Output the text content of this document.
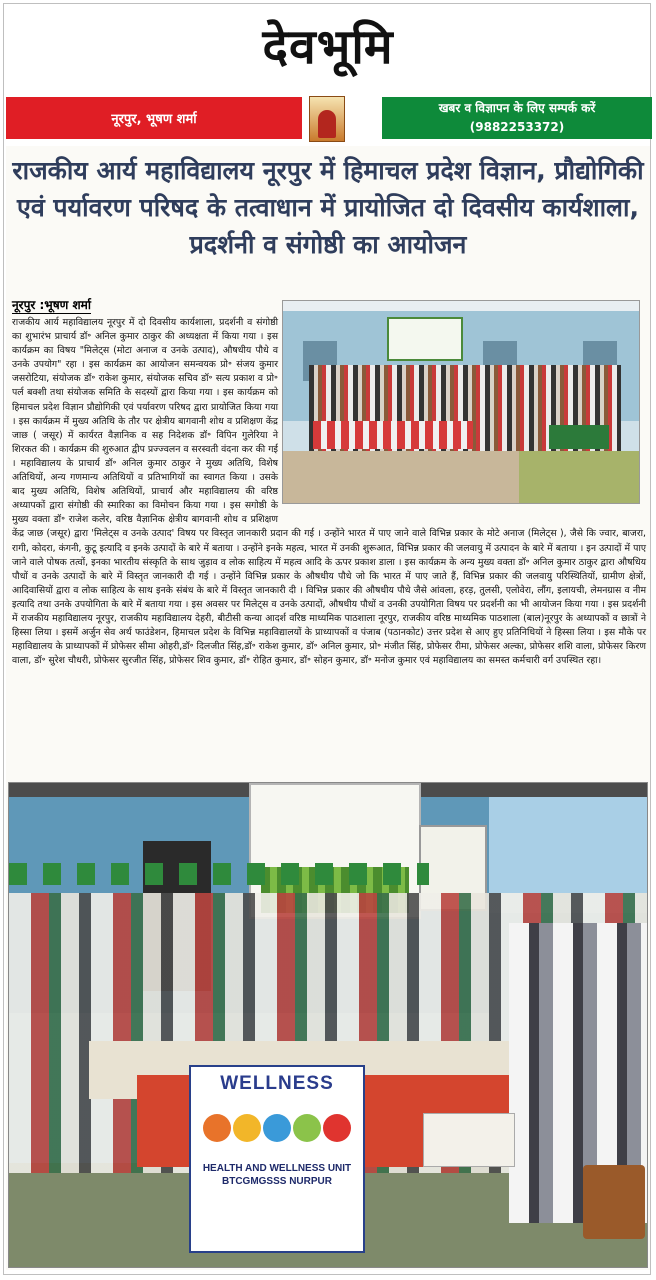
देवभूमि
नूरपुर, भूषण शर्मा
खबर व विज्ञापन के लिए सम्पर्क करें
(9882253372)
राजकीय आर्य महाविद्यालय नूरपुर में हिमाचल प्रदेश विज्ञान, प्रौद्योगिकी एवं पर्यावरण परिषद के तत्वाधान में प्रायोजित दो दिवसीय कार्यशाला, प्रदर्शनी व संगोष्ठी का आयोजन
नूरपुर :भूषण शर्मा
राजकीय आर्य महाविद्यालय नूरपुर में दो दिवसीय कार्यशाला, प्रदर्शनी व संगोष्ठी का शुभारंभ प्राचार्य डॉ॰ अनिल कुमार ठाकुर की अध्यक्षता में किया गया । इस कार्यक्रम का विषय "मिलेट्स (मोटा अनाज व उनके उत्पाद), औषधीय पौधे व उनके उपयोग" रहा । इस कार्यक्रम का आयोजन समन्वयक प्रो॰ संजय कुमार जसरोटिया, संयोजक डॉ॰ राकेश कुमार, संयोजक सचिव डॉ॰ सत्य प्रकाश व प्रो॰ पर्ल बक्शी तथा संयोजक समिति के सदस्यों द्वारा किया गया । इस कार्यक्रम को हिमाचल प्रदेश विज्ञान प्रौद्योगिकी एवं पर्यावरण परिषद द्वारा प्रायोजित किया गया । इस कार्यक्रम में मुख्य अतिथि के तौर पर क्षेत्रीय बागवानी शोध व प्रशिक्षण केंद्र जाछ ( जसूर) में कार्यरत वैज्ञानिक व सह निदेशक डॉ॰ विपिन गुलेरिया ने शिरकत की । कार्यक्रम की शुरुआत द्वीप प्रज्ज्वलन व सरस्वती वंदना कर की गई । महाविद्यालय के प्राचार्य डॉ॰ अनिल कुमार ठाकुर ने मुख्य अतिथि, विशेष अतिथियों, अन्य गणमान्य अतिथियों व प्रतिभागियों का स्वागत किया । उसके बाद मुख्य अतिथि, विशेष अतिथियों, प्राचार्य और महाविद्यालय की वरिष्ठ अध्यापकों द्वारा संगोष्ठी की स्मारिका का विमोचन किया गया । इस सगोष्ठी के मुख्य वक्ता डॉ॰ राजेश कलेर, वरिष्ठ वैज्ञानिक क्षेत्रीय बागवानी शोध व प्रशिक्षण केंद्र जाछ (जसूर) द्वारा 'मिलेट्स व उनके उत्पाद' विषय पर विस्तृत जानकारी प्रदान की गई । उन्होंने भारत में पाए जाने वाले विभिन्न प्रकार के मोटे अनाज (मिलेट्स ), जैसे कि ज्वार, बाजरा, रागी, कोदरा, कंगनी, कुटू इत्यादि व इनके उत्पादों के बारे में बताया । उन्होंने इनके महत्व, भारत में उनकी शुरूआत, विभिन्न प्रकार की जलवायु में उत्पादन के बारे में बताया । इन उत्पादों में पाए जाने वाले पोषक तत्वों, इनका भारतीय संस्कृति के साथ जुड़ाव व लोक साहित्य में महत्व आदि के ऊपर प्रकाश डाला । इस कार्यक्रम के अन्य मुख्य वक्ता डॉ॰ अनिल कुमार ठाकुर द्वारा औषधिय पौधों व उनके उत्पादों के बारे में विस्तृत जानकारी दी गई । उन्होंने विभिन्न प्रकार के औषधीय पौधे जो कि भारत में पाए जाते हैं, विभिन्न प्रकार की जलवायु परिस्थितियों, ग्रामीण क्षेत्रों, आदिवासियों द्वारा व लोक साहित्य के साथ इनके संबंध के बारे में विस्तृत जानकारी दी । विभिन्न प्रकार की औषधीय पौधे जैसे आंवला, हरड़, तुलसी, एलोवेरा, लौंग, इलायची, लेमनग्रास व नीम इत्यादि तथा उनके उपयोगिता के बारे में बताया गया । इस अवसर पर मिलेट्स व उनके उत्पादों, औषधीय पौधों व उनकी उपयोगिता विषय पर प्रदर्शनी का भी आयोजन किया गया । इस प्रदर्शनी में राजकीय महाविद्यालय नूरपुर, राजकीय महाविद्यालय देहरी, बीटीसी कन्या आदर्श वरिष्ठ माध्यमिक पाठशाला नूरपुर, राजकीय वरिष्ठ माध्यमिक पाठशाला (बाल)नूरपुर के अध्यापकों व छात्रों ने हिस्सा लिया । इसमें अर्जुन सेव अर्थ फाउंडेशन, हिमाचल प्रदेश के विभिन्न महाविद्यालयों के प्राध्यापकों व पंजाब (पठानकोट) उत्तर प्रदेश से आए हुए प्रतिनिधियों ने हिस्सा लिया । इस मौके पर महाविद्यालय के प्राध्यापकों में प्रोफेसर सीमा ओहरी,डॉ॰ दिलजीत सिंह,डॉ॰ राकेश कुमार, डॉ॰ अनिल कुमार, प्रो॰ मंजीत सिंह, प्रोफेसर रीमा, प्रोफेसर अल्का, प्रोफेसर शशि वाला, प्रोफेसर किरण वाला, डॉ॰ सुरेश चौधरी, प्रोफेसर सुरजीत सिंह, प्रोफेसर शिव कुमार, डॉ॰ रोहित कुमार, डॉ॰ सोहन कुमार, डॉ॰ मनोज कुमार एवं महाविद्यालय का समस्त कर्मचारी वर्ग उपस्थित रहा।
WELLNESS
HEALTH AND WELLNESS UNIT
BTCGMGSSS NURPUR
